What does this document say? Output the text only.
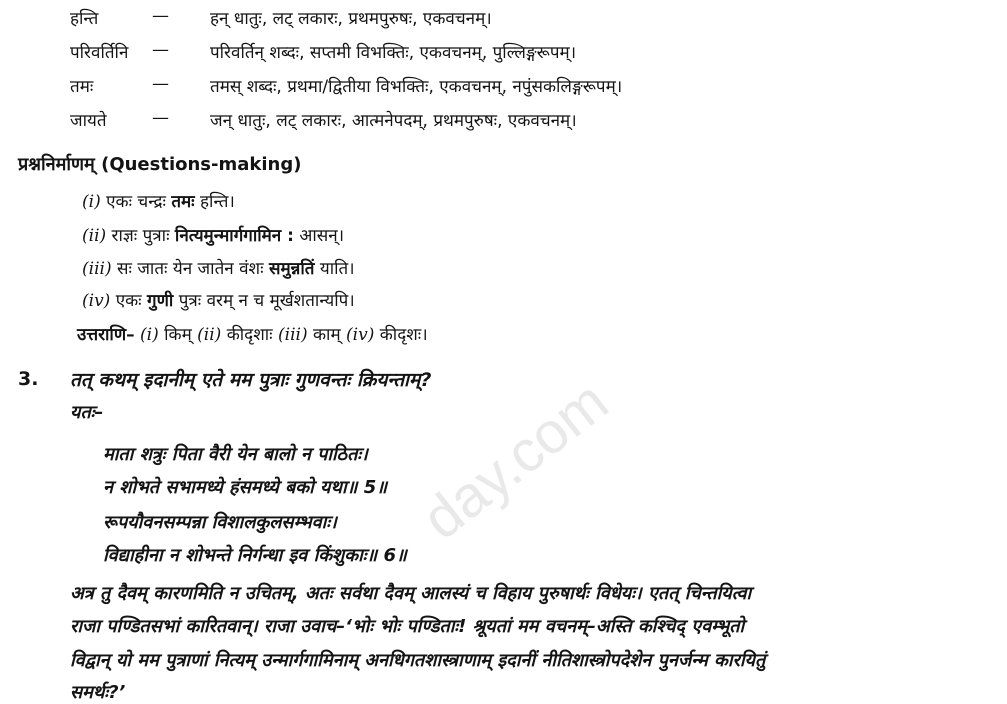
हन्ति	— हन् धातुः, लट् लकारः, प्रथमपुरुषः, एकवचनम्।
परिवर्तिनि — परिवर्तिन् शब्दः, सप्तमी विभक्तिः, एकवचनम्, पुल्लिङ्गरूपम्।
तमः	— तमस् शब्दः, प्रथमा/द्वितीया विभक्तिः, एकवचनम्, नपुंसकलिङ्गरूपम्।
जायते	— जन् धातुः, लट् लकारः, आत्मनेपदम्, प्रथमपुरुषः, एकवचनम्।
प्रश्ननिर्माणम् (Questions-making)
(i) एकः चन्द्रः तमः हन्ति।
(ii) राज्ञः पुत्राः नित्यमुन्मार्गगामिन : आसन्।
(iii) सः जातः येन जातेन वंशः समुन्नतिं याति।
(iv) एकः गुणी पुत्रः वरम् न च मूर्खशतान्यपि।
उत्तराणि– (i) किम् (ii) कीदृशाः (iii) काम् (iv) कीदृशः।
3. तत् कथम् इदानीम् एते मम पुत्राः गुणवन्तः क्रियन्ताम्?
यतः–
माता शत्रुः पिता वैरी येन बालो न पाठितः।
न शोभते सभामध्ये हंसमध्ये बको यथा॥ 5॥
रूपयौवनसम्पन्ना विशालकुलसम्भवाः।
विद्याहीना न शोभन्ते निर्गन्धा इव किंशुकाः॥ 6॥
अत्र तु दैवम् कारणमिति न उचितम्, अतः सर्वथा दैवम् आलस्यं च विहाय पुरुषार्थः विधेयः। एतत् चिन्तयित्वा
राजा पण्डितसभां कारितवान्। राजा उवाच–‘भोः भोः पण्डिताः! श्रूयतां मम वचनम्–अस्ति कश्चिद् एवम्भूतो
विद्वान् यो मम पुत्राणां नित्यम् उन्मार्गगामिनाम् अनधिगतशास्त्राणाम् इदानीं नीतिशास्त्रोपदेशेन पुनर्जन्म कारयितुं
समर्थः?’
day.com
